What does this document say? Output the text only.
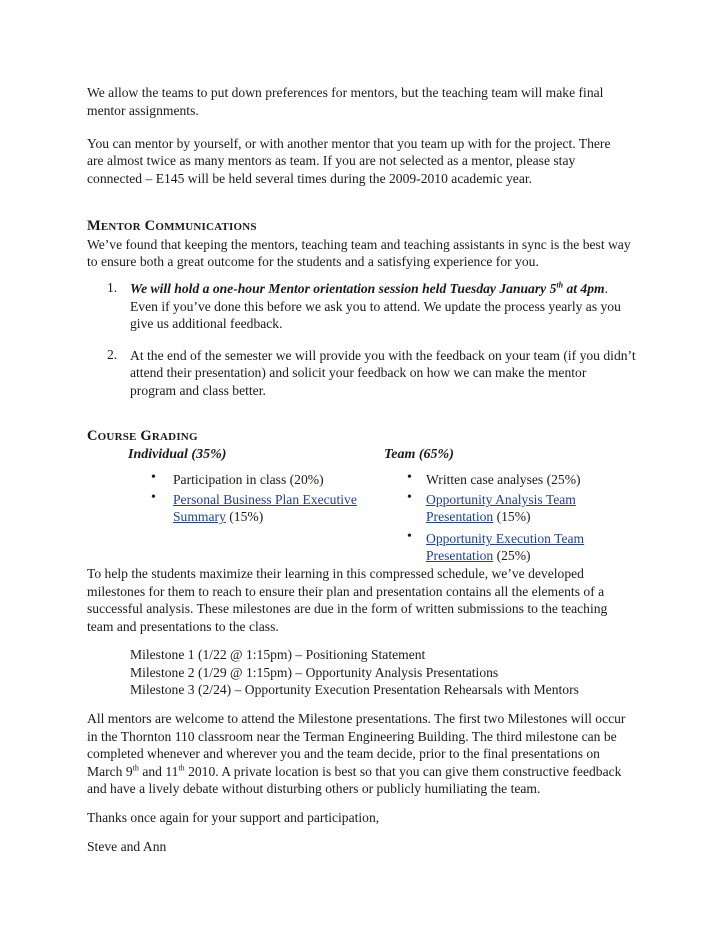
We allow the teams to put down preferences for mentors, but the teaching team will make final
mentor assignments.
You can mentor by yourself, or with another mentor that you team up with for the project. There
are almost twice as many mentors as team. If you are not selected as a mentor, please stay
connected – E145 will be held several times during the 2009-2010 academic year.
MENTOR COMMUNICATIONS
We’ve found that keeping the mentors, teaching team and teaching assistants in sync is the best way
to ensure both a great outcome for the students and a satisfying experience for you.
1. We will hold a one-hour Mentor orientation session held Tuesday January 5th at 4pm.
Even if you’ve done this before we ask you to attend. We update the process yearly as you
give us additional feedback.
2. At the end of the semester we will provide you with the feedback on your team (if you didn’t
attend their presentation) and solicit your feedback on how we can make the mentor
program and class better.
COURSE GRADING
Individual (35%)	Team (65%)
• Participation in class (20%)
• Personal Business Plan Executive
Summary (15%)
• Written case analyses (25%)
• Opportunity Analysis Team
Presentation (15%)
• Opportunity Execution Team
Presentation (25%)
To help the students maximize their learning in this compressed schedule, we’ve developed
milestones for them to reach to ensure their plan and presentation contains all the elements of a
successful analysis. These milestones are due in the form of written submissions to the teaching
team and presentations to the class.
Milestone 1 (1/22 @ 1:15pm) – Positioning Statement
Milestone 2 (1/29 @ 1:15pm) – Opportunity Analysis Presentations
Milestone 3 (2/24) – Opportunity Execution Presentation Rehearsals with Mentors
All mentors are welcome to attend the Milestone presentations. The first two Milestones will occur
in the Thornton 110 classroom near the Terman Engineering Building. The third milestone can be
completed whenever and wherever you and the team decide, prior to the final presentations on
March 9th and 11th 2010. A private location is best so that you can give them constructive feedback
and have a lively debate without disturbing others or publicly humiliating the team.
Thanks once again for your support and participation,
Steve and Ann
